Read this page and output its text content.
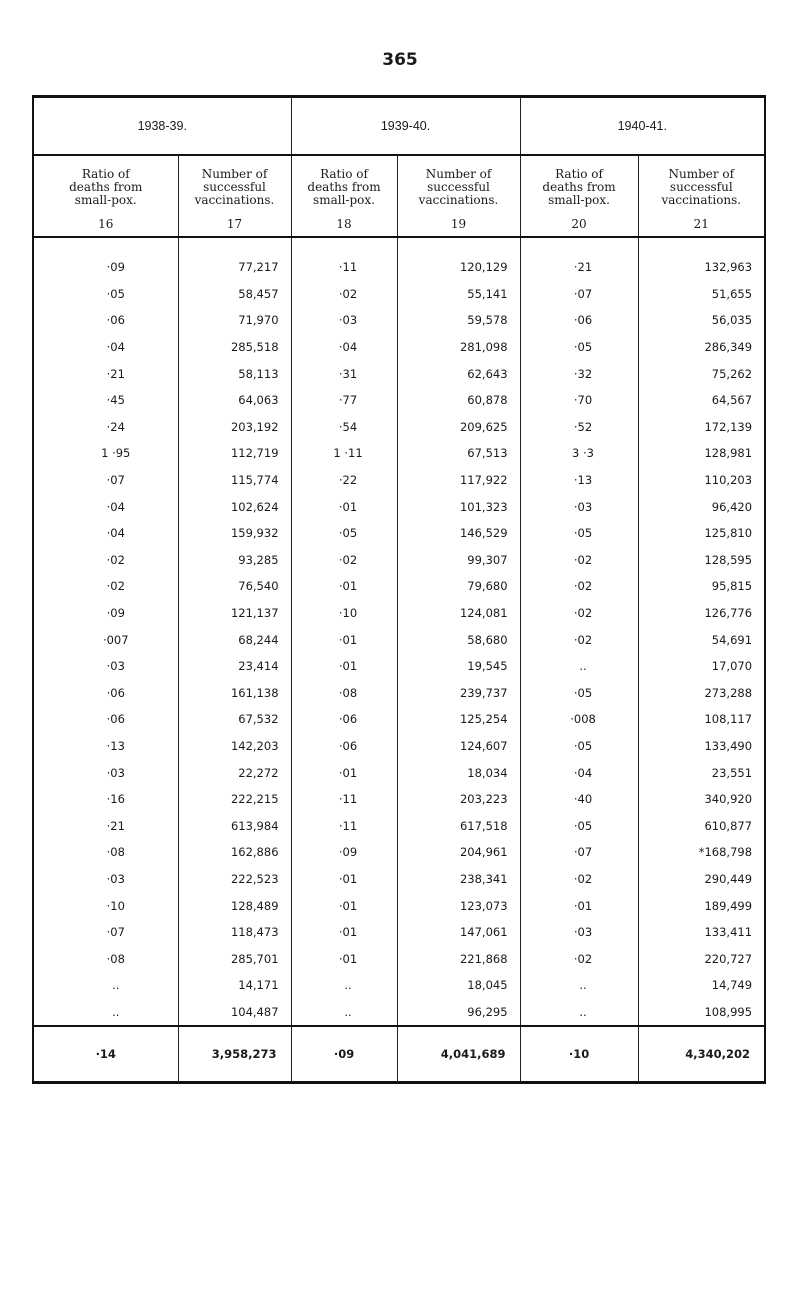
365
1938-39.		1939-40.		1940-41.	
Ratio of
deaths from
small-pox.	Number of
successful
vaccinations.	Ratio of
deaths from
small-pox.	Number of
successful
vaccinations.	Ratio of
deaths from
small-pox.	Number of
successful
vaccinations.
16	17	18	19	20	21

·09	77,217	·11	120,129	·21	132,963
·05	58,457	·02	55,141	·07	51,655
·06	71,970	·03	59,578	·06	56,035
·04	285,518	·04	281,098	·05	286,349
·21	58,113	·31	62,643	·32	75,262
·45	64,063	·77	60,878	·70	64,567
·24	203,192	·54	209,625	·52	172,139
1 ·95	112,719	1 ·11	67,513	3 ·3	128,981
·07	115,774	·22	117,922	·13	110,203
·04	102,624	·01	101,323	·03	96,420
·04	159,932	·05	146,529	·05	125,810
·02	93,285	·02	99,307	·02	128,595
·02	76,540	·01	79,680	·02	95,815
·09	121,137	·10	124,081	·02	126,776
·007	68,244	·01	58,680	·02	54,691
·03	23,414	·01	19,545	..	17,070
·06	161,138	·08	239,737	·05	273,288
·06	67,532	·06	125,254	·008	108,117
·13	142,203	·06	124,607	·05	133,490
·03	22,272	·01	18,034	·04	23,551
·16	222,215	·11	203,223	·40	340,920
·21	613,984	·11	617,518	·05	610,877
·08	162,886	·09	204,961	·07	*168,798
·03	222,523	·01	238,341	·02	290,449
·10	128,489	·01	123,073	·01	189,499
·07	118,473	·01	147,061	·03	133,411
·08	285,701	·01	221,868	·02	220,727
..	14,171	..	18,045	..	14,749
..	104,487	..	96,295	..	108,995
·14	3,958,273	·09	4,041,689	·10	4,340,202
